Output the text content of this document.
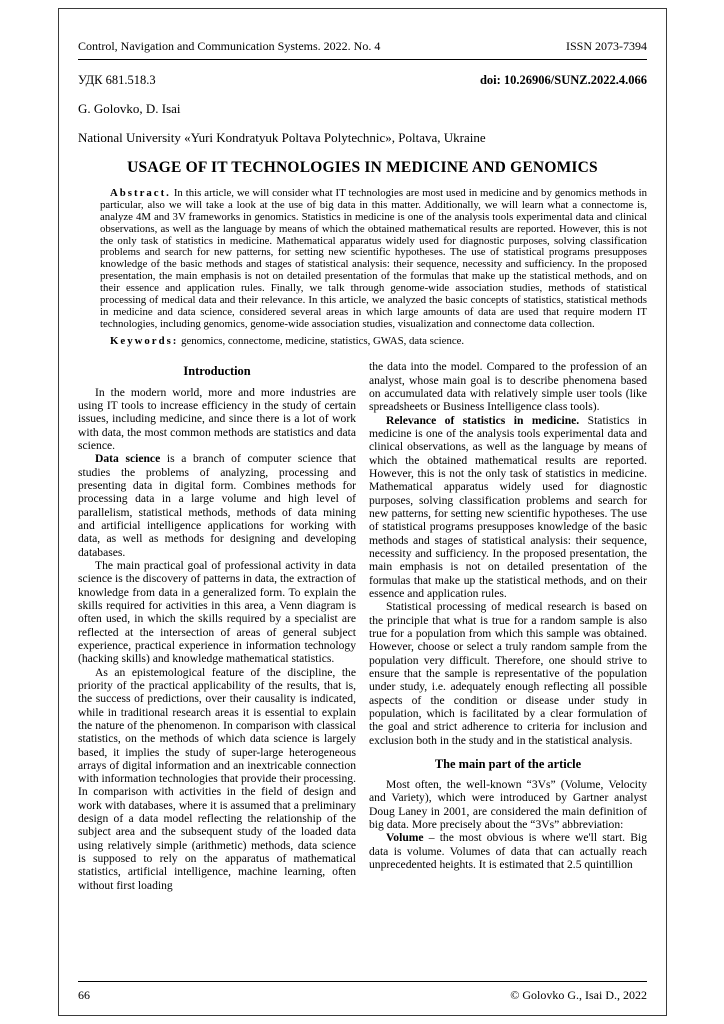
Control, Navigation and Communication Systems. 2022. No. 4	ISSN 2073-7394
УДК 681.518.3	doi: 10.26906/SUNZ.2022.4.066
G. Golovko, D. Isai
National University «Yuri Kondratyuk Poltava Polytechnic», Poltava, Ukraine
USAGE OF IT TECHNOLOGIES IN MEDICINE AND GENOMICS
Abstract. In this article, we will consider what IT technologies are most used in medicine and by genomics methods in particular, also we will take a look at the use of big data in this matter. Additionally, we will learn what a connectome is, analyze 4M and 3V frameworks in genomics. Statistics in medicine is one of the analysis tools experimental data and clinical observations, as well as the language by means of which the obtained mathematical results are reported. However, this is not the only task of statistics in medicine. Mathematical apparatus widely used for diagnostic purposes, solving classification problems and search for new patterns, for setting new scientific hypotheses. The use of statistical programs presupposes knowledge of the basic methods and stages of statistical analysis: their sequence, necessity and sufficiency. In the proposed presentation, the main emphasis is not on detailed presentation of the formulas that make up the statistical methods, and on their essence and application rules. Finally, we talk through genome-wide association studies, methods of statistical processing of medical data and their relevance. In this article, we analyzed the basic concepts of statistics, statistical methods in medicine and data science, considered several areas in which large amounts of data are used that require modern IT technologies, including genomics, genome-wide association studies, visualization and connectome data collection.
Keywords: genomics, connectome, medicine, statistics, GWAS, data science.
Introduction

In the modern world, more and more industries are using IT tools to increase efficiency in the study of certain issues, including medicine, and since there is a lot of work with data, the most common methods are statistics and data science.

Data science is a branch of computer science that studies the problems of analyzing, processing and presenting data in digital form. Combines methods for processing data in a large volume and high level of parallelism, statistical methods, methods of data mining and artificial intelligence applications for working with data, as well as methods for designing and developing databases.

The main practical goal of professional activity in data science is the discovery of patterns in data, the extraction of knowledge from data in a generalized form. To explain the skills required for activities in this area, a Venn diagram is often used, in which the skills required by a specialist are reflected at the intersection of areas of general subject experience, practical experience in information technology (hacking skills) and knowledge mathematical statistics.

As an epistemological feature of the discipline, the priority of the practical applicability of the results, that is, the success of predictions, over their causality is indicated, while in traditional research areas it is essential to explain the nature of the phenomenon. In comparison with classical statistics, on the methods of which data science is largely based, it implies the study of super-large heterogeneous arrays of digital information and an inextricable connection with information technologies that provide their processing. In comparison with activities in the field of design and work with databases, where it is assumed that a preliminary design of a data model reflecting the relationship of the subject area and the subsequent study of the loaded data using relatively simple (arithmetic) methods, data science is supposed to rely on the apparatus of mathematical statistics, artificial intelligence, machine learning, often without first loading

the data into the model. Compared to the profession of an analyst, whose main goal is to describe phenomena based on accumulated data with relatively simple user tools (like spreadsheets or Business Intelligence class tools).

Relevance of statistics in medicine. Statistics in medicine is one of the analysis tools experimental data and clinical observations, as well as the language by means of which the obtained mathematical results are reported. However, this is not the only task of statistics in medicine. Mathematical apparatus widely used for diagnostic purposes, solving classification problems and search for new patterns, for setting new scientific hypotheses. The use of statistical programs presupposes knowledge of the basic methods and stages of statistical analysis: their sequence, necessity and sufficiency. In the proposed presentation, the main emphasis is not on detailed presentation of the formulas that make up the statistical methods, and on their essence and application rules.

Statistical processing of medical research is based on the principle that what is true for a random sample is also true for a population from which this sample was obtained. However, choose or select a truly random sample from the population very difficult. Therefore, one should strive to ensure that the sample is representative of the population under study, i.e. adequately enough reflecting all possible aspects of the condition or disease under study in population, which is facilitated by a clear formulation of the goal and strict adherence to criteria for inclusion and exclusion both in the study and in the statistical analysis.

The main part of the article

Most often, the well-known “3Vs” (Volume, Velocity and Variety), which were introduced by Gartner analyst Doug Laney in 2001, are considered the main definition of big data. More precisely about the “3Vs” abbreviation:

Volume – the most obvious is where we'll start. Big data is volume. Volumes of data that can actually reach unprecedented heights. It is estimated that 2.5 quintillion

66	© Golovko G., Isai D., 2022
